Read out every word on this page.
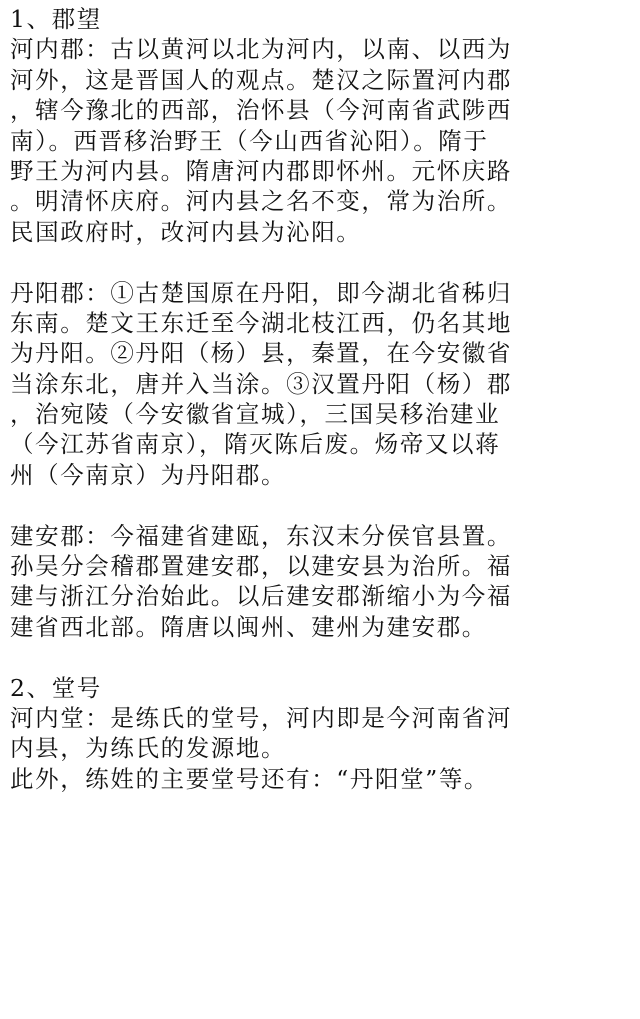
1、郡望
河内郡：古以黄河以北为河内，以南、以西为
河外，这是晋国人的观点。楚汉之际置河内郡
，辖今豫北的西部，治怀县（今河南省武陟西
南）。西晋移治野王（今山西省沁阳）。隋于
野王为河内县。隋唐河内郡即怀州。元怀庆路
。明清怀庆府。河内县之名不变，常为治所。
民国政府时，改河内县为沁阳。
丹阳郡：①古楚国原在丹阳，即今湖北省秭归
东南。楚文王东迁至今湖北枝江西，仍名其地
为丹阳。②丹阳（杨）县，秦置，在今安徽省
当涂东北，唐并入当涂。③汉置丹阳（杨）郡
，治宛陵（今安徽省宣城），三国吴移治建业
（今江苏省南京），隋灭陈后废。炀帝又以蒋
州（今南京）为丹阳郡。
建安郡：今福建省建瓯，东汉末分侯官县置。
孙吴分会稽郡置建安郡，以建安县为治所。福
建与浙江分治始此。以后建安郡渐缩小为今福
建省西北部。隋唐以闽州、建州为建安郡。
2、堂号
河内堂：是练氏的堂号，河内即是今河南省河
内县，为练氏的发源地。
此外，练姓的主要堂号还有：“丹阳堂”等。
